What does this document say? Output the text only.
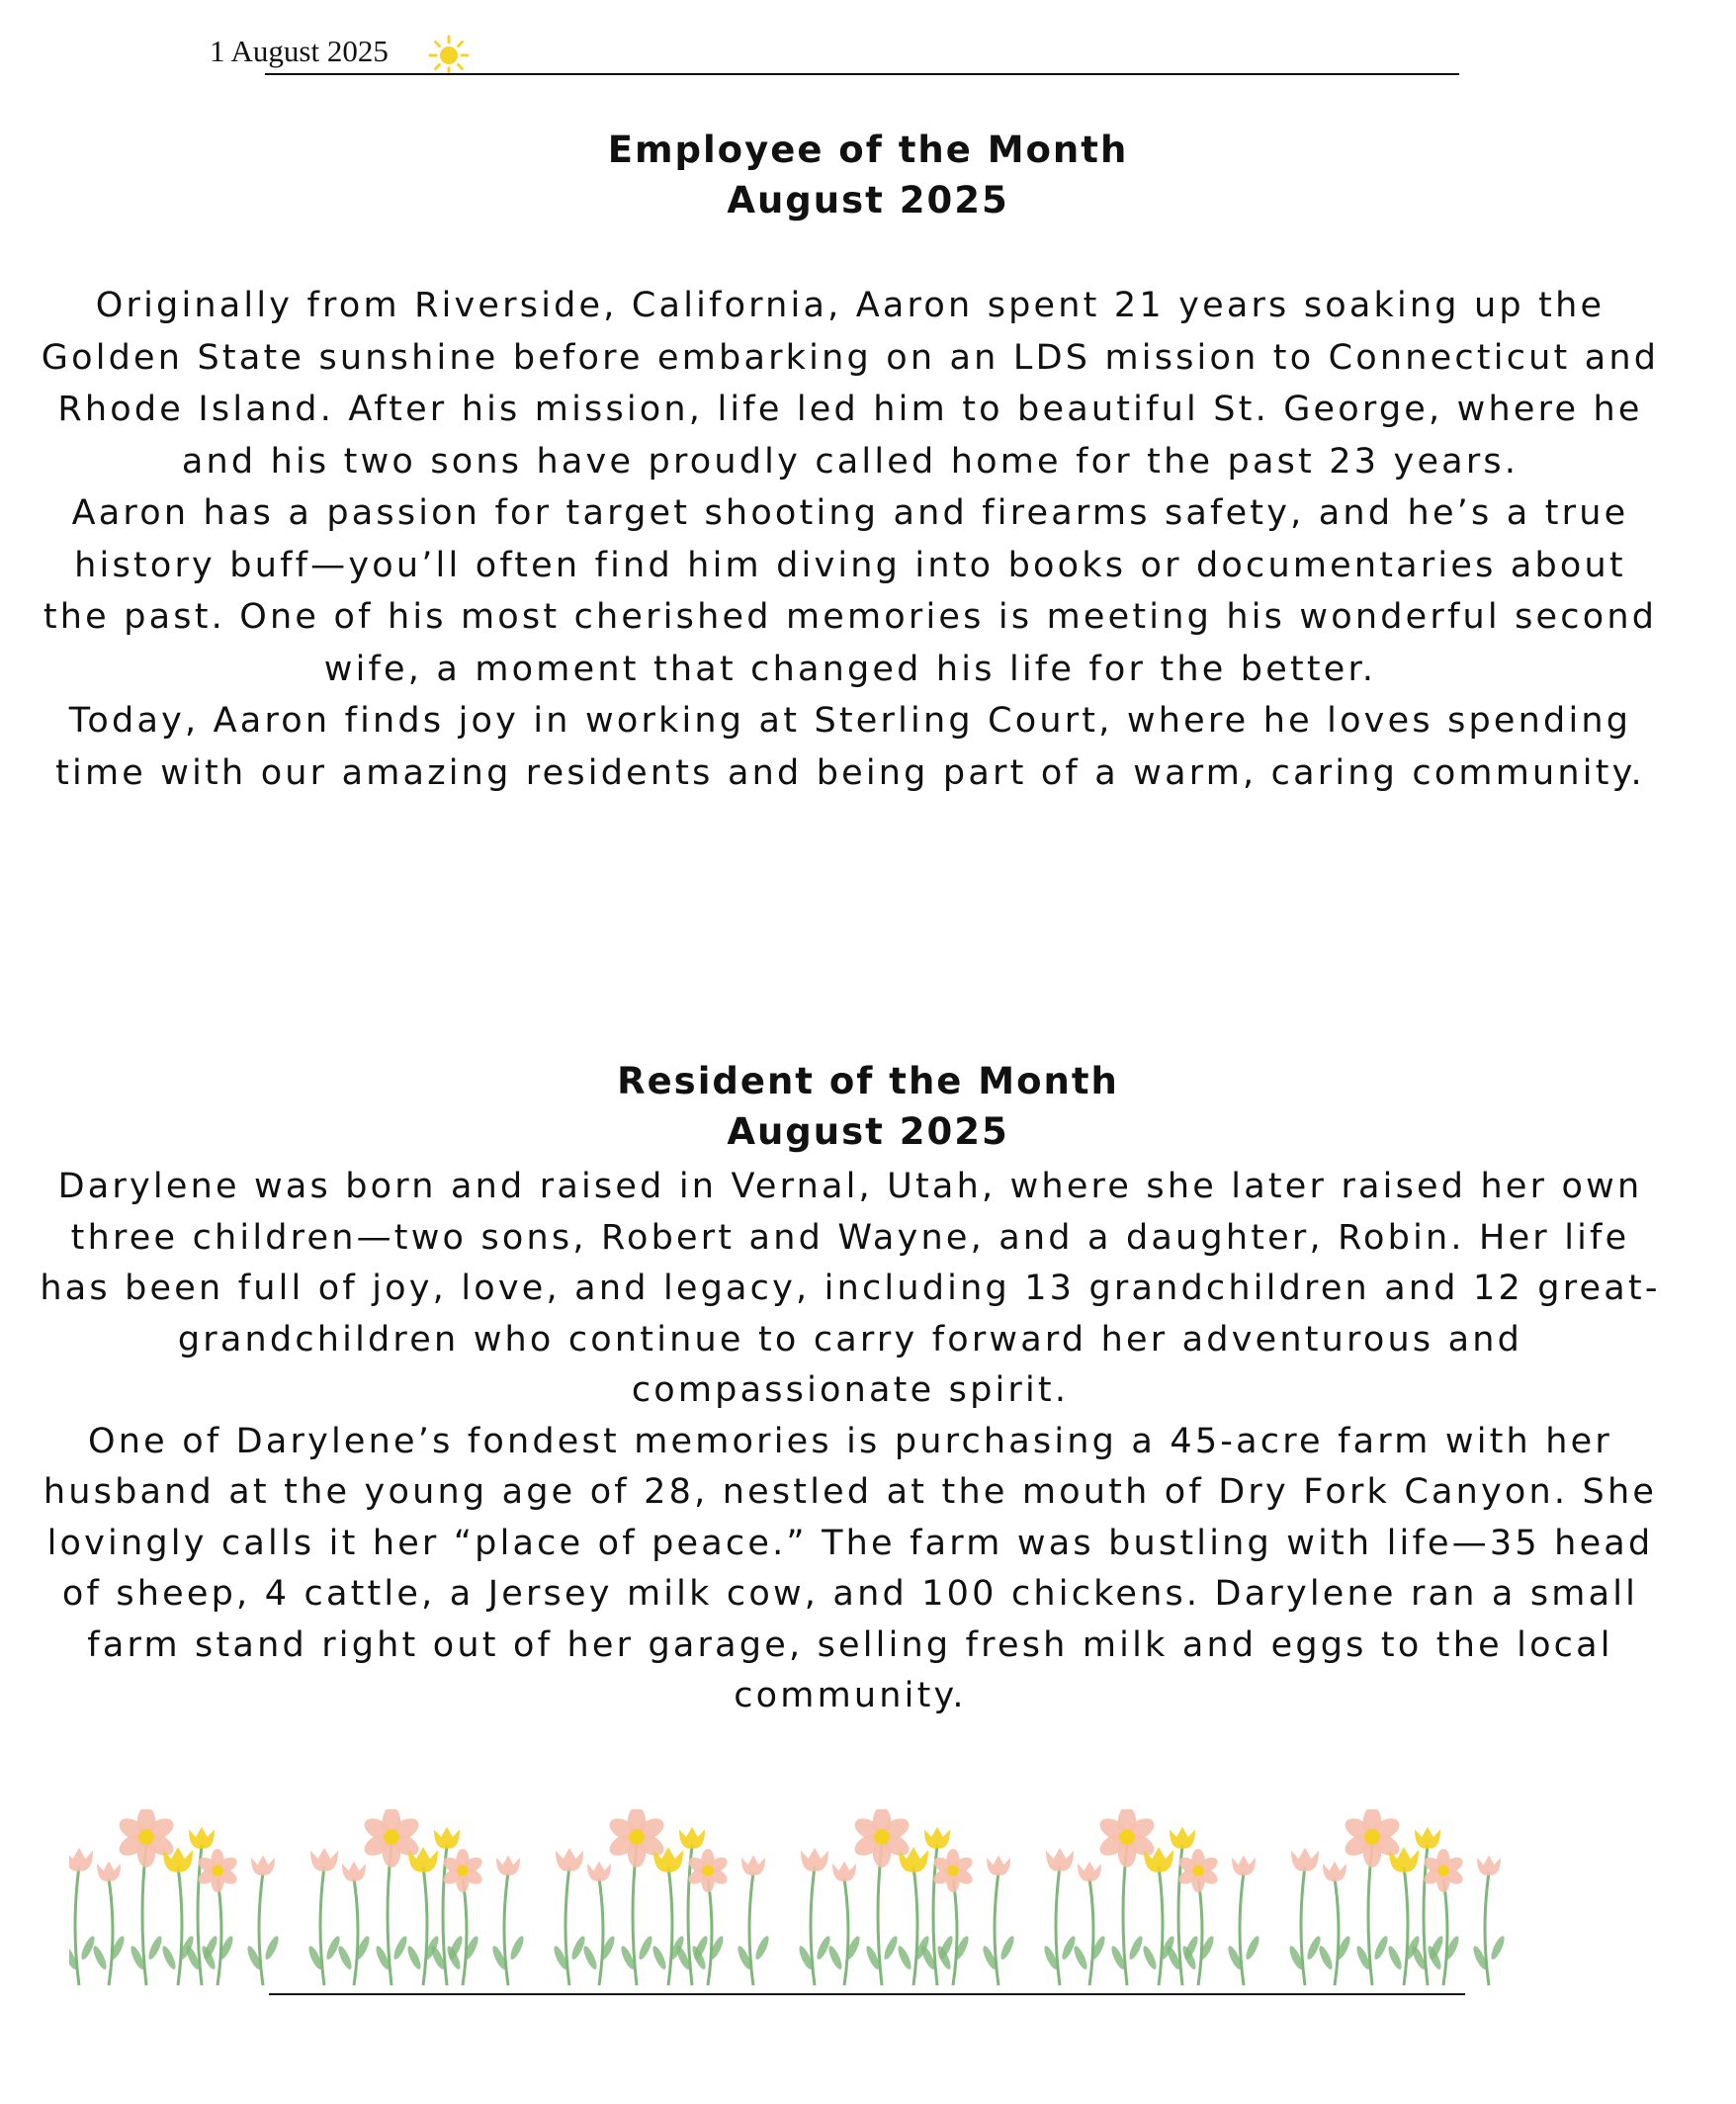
1 August 2025
Employee of the Month
August 2025
Originally from Riverside, California, Aaron spent 21 years soaking up the Golden State sunshine before embarking on an LDS mission to Connecticut and Rhode Island. After his mission, life led him to beautiful St. George, where he and his two sons have proudly called home for the past 23 years.
Aaron has a passion for target shooting and firearms safety, and he’s a true history buff—you’ll often find him diving into books or documentaries about the past. One of his most cherished memories is meeting his wonderful second wife, a moment that changed his life for the better.
Today, Aaron finds joy in working at Sterling Court, where he loves spending time with our amazing residents and being part of a warm, caring community.
Resident of the Month
August 2025
Darylene was born and raised in Vernal, Utah, where she later raised her own three children—two sons, Robert and Wayne, and a daughter, Robin. Her life has been full of joy, love, and legacy, including 13 grandchildren and 12 great-grandchildren who continue to carry forward her adventurous and compassionate spirit.
One of Darylene’s fondest memories is purchasing a 45-acre farm with her husband at the young age of 28, nestled at the mouth of Dry Fork Canyon. She lovingly calls it her “place of peace.” The farm was bustling with life—35 head of sheep, 4 cattle, a Jersey milk cow, and 100 chickens. Darylene ran a small farm stand right out of her garage, selling fresh milk and eggs to the local community.
